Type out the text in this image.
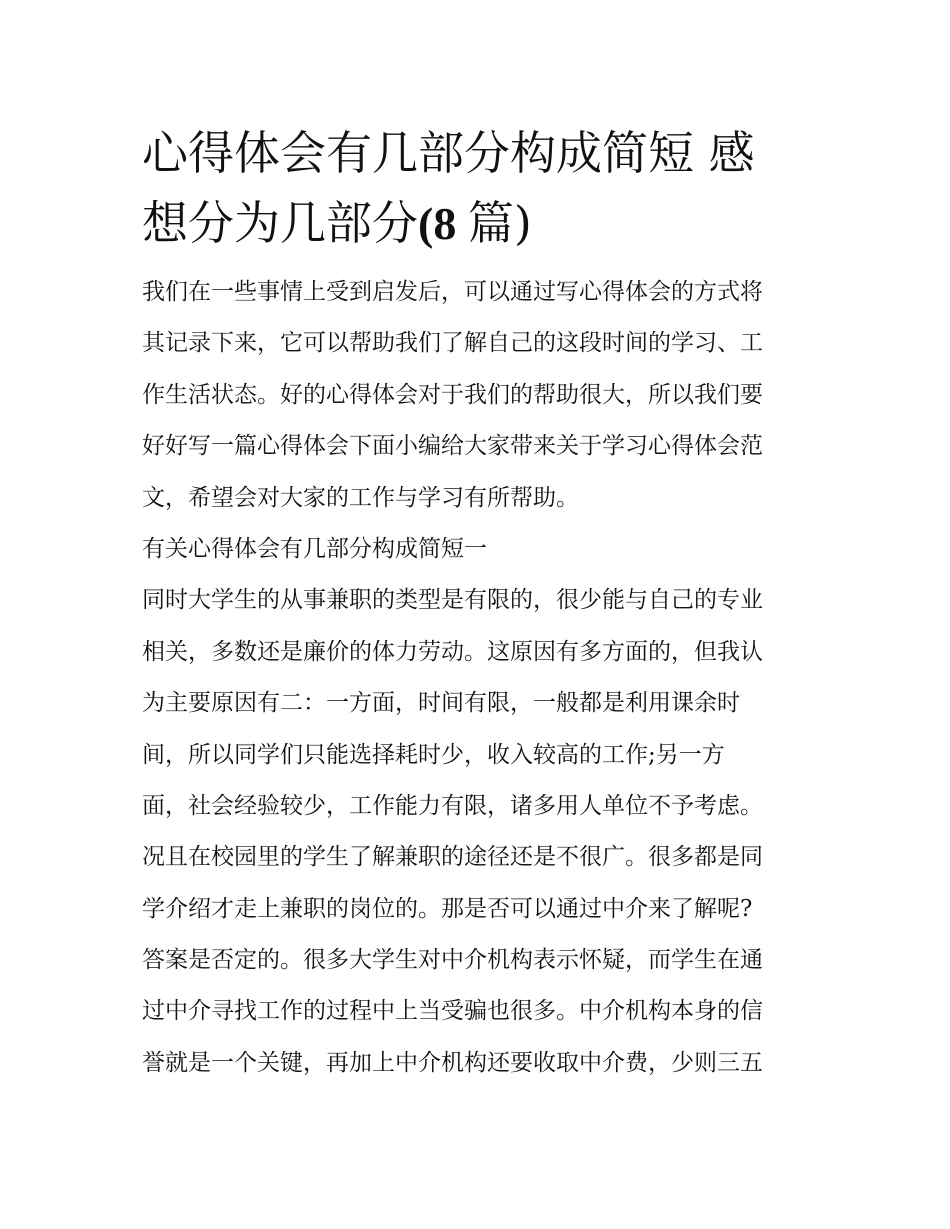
心得体会有几部分构成简短 感
想分为几部分(8 篇)
我们在一些事情上受到启发后，可以通过写心得体会的方式将
其记录下来，它可以帮助我们了解自己的这段时间的学习、工
作生活状态。好的心得体会对于我们的帮助很大，所以我们要
好好写一篇心得体会下面小编给大家带来关于学习心得体会范
文，希望会对大家的工作与学习有所帮助。
有关心得体会有几部分构成简短一
同时大学生的从事兼职的类型是有限的，很少能与自己的专业
相关，多数还是廉价的体力劳动。这原因有多方面的，但我认
为主要原因有二：一方面，时间有限，一般都是利用课余时
间，所以同学们只能选择耗时少，收入较高的工作;另一方
面，社会经验较少，工作能力有限，诸多用人单位不予考虑。
况且在校园里的学生了解兼职的途径还是不很广。很多都是同
学介绍才走上兼职的岗位的。那是否可以通过中介来了解呢?
答案是否定的。很多大学生对中介机构表示怀疑，而学生在通
过中介寻找工作的过程中上当受骗也很多。中介机构本身的信
誉就是一个关键，再加上中介机构还要收取中介费，少则三五
